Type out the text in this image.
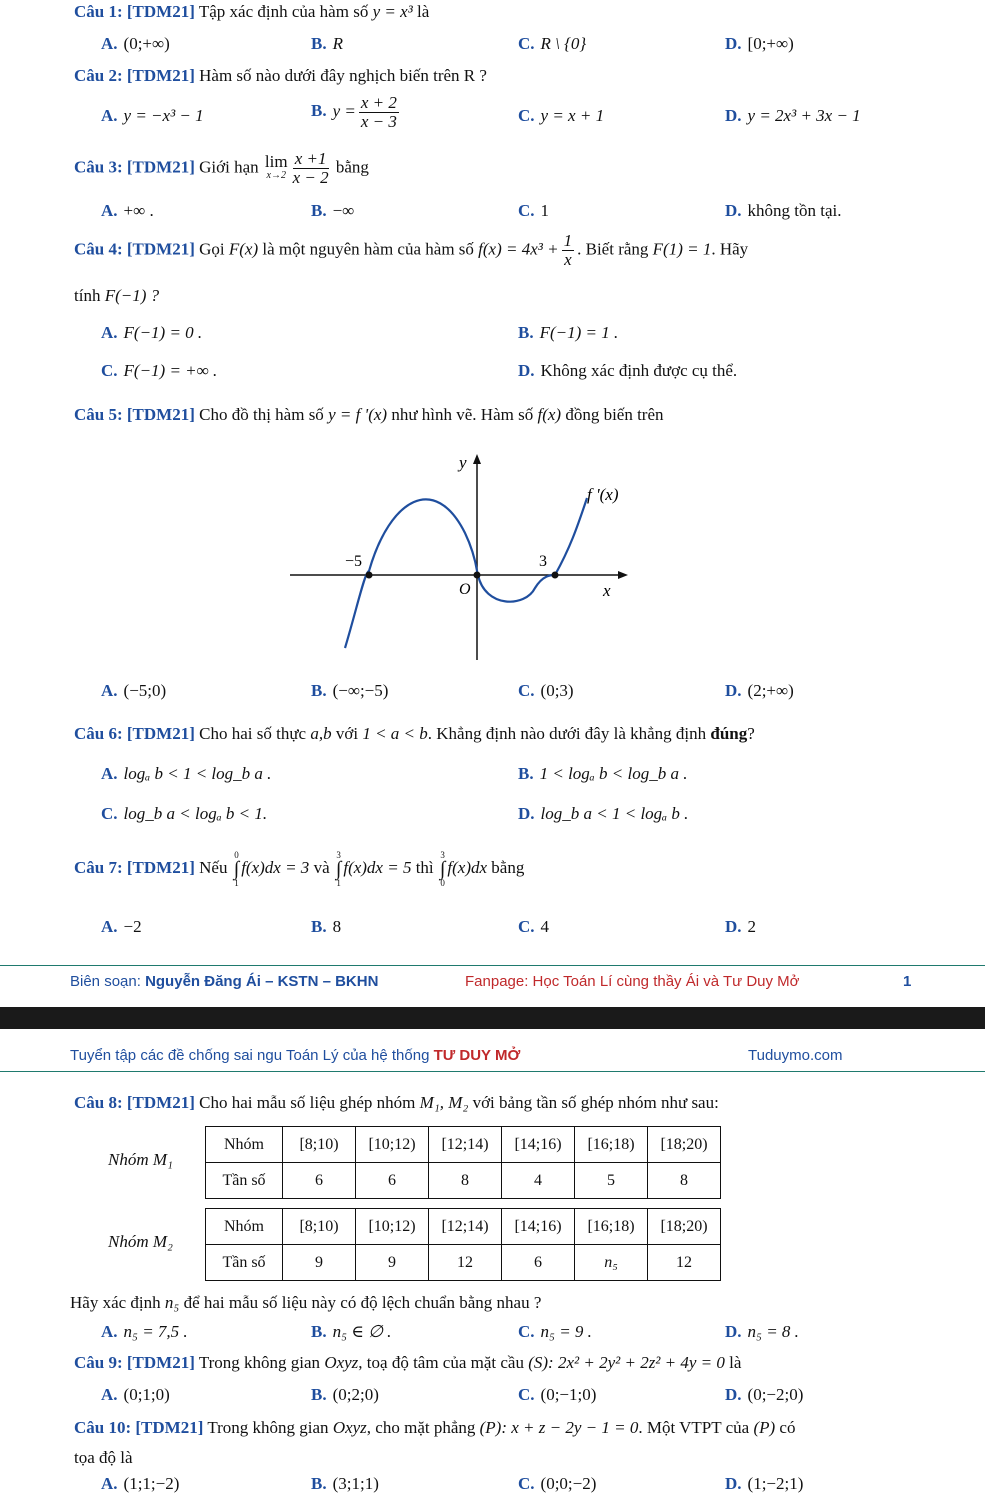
Câu 1: [TDM21] Tập xác định của hàm số y = x³ là
A. (0;+∞)	B. R	C. R \ {0}	D. [0;+∞)
Câu 2: [TDM21] Hàm số nào dưới đây nghịch biến trên R ?
A. y = −x³ − 1	B. $y = \frac{x + 2}{x - 3}$	C. y = x + 1	D. y = 2x³ + 3x − 1
Câu 3: [TDM21] Giới hạn lim
$x\to 2 \frac{x +1}{x - 2}$ bằng
A. +∞ .	B. −∞	C. 1	D. không tồn tại.
Câu 4: [TDM21] Gọi F(x) là một nguyên hàm của hàm số $f(x) = 4x^3 + \frac{1}{x}$ . Biết rằng F(1) = 1. Hãy
tính F(−1) ?
A. F(−1) = 0 .	B. F(−1) = 1 .
C. F(−1) = +∞ .	D. Không xác định được cụ thể.
Câu 5: [TDM21] Cho đồ thị hàm số y = f '(x) như hình vẽ. Hàm số f(x) đồng biến trên
y
x
O
−5	3
f '(x)
A. (−5;0)	B. (−∞;−5)	C. (0;3)	D. (2;+∞)
Câu 6: [TDM21] Cho hai số thực a,b với 1 < a < b. Khẳng định nào dưới đây là khẳng định đúng?
A. logₐ b < 1 < log_b a .	B. 1 < logₐ b < log_b a .
C. log_b a < logₐ b < 1.	D. log_b a < 1 < logₐ b .
Câu 7: [TDM21] Nếu
0
∫
1
f(x)dx = 3 và
3
∫
1
f(x)dx = 5 thì
3
∫
0
f(x)dx bằng
A. −2	B. 8	C. 4	D. 2
Biên soạn: Nguyễn Đăng Ái – KSTN – BKHN	Fanpage: Học Toán Lí cùng thầy Ái và Tư Duy Mở	1
Tuyển tập các đề chống sai ngu Toán Lý của hệ thống TƯ DUY MỞ	Tuduymo.com
Câu 8: [TDM21] Cho hai mẫu số liệu ghép nhóm M₁, M₂ với bảng tần số ghép nhóm như sau:
Nhóm M₁
Nhóm	[8;10)	[10;12)	[12;14)	[14;16)	[16;18)	[18;20)
Tần số	6	6	8	4	5	8
Nhóm M₂
Nhóm	[8;10)	[10;12)	[12;14)	[14;16)	[16;18)	[18;20)
Tần số	9	9	12	6	n₅	12
Hãy xác định n₅ để hai mẫu số liệu này có độ lệch chuẩn bằng nhau ?
A. n₅ = 7,5 .	B. n₅ ∈ ∅ .	C. n₅ = 9 .	D. n₅ = 8 .
Câu 9: [TDM21] Trong không gian Oxyz, toạ độ tâm của mặt cầu (S): 2x² + 2y² + 2z² + 4y = 0 là
A. (0;1;0)	B. (0;2;0)	C. (0;−1;0)	D. (0;−2;0)
Câu 10: [TDM21] Trong không gian Oxyz, cho mặt phẳng (P): x + z − 2y − 1 = 0. Một VTPT của (P) có
tọa độ là
A. (1;1;−2)	B. (3;1;1)	C. (0;0;−2)	D. (1;−2;1)
